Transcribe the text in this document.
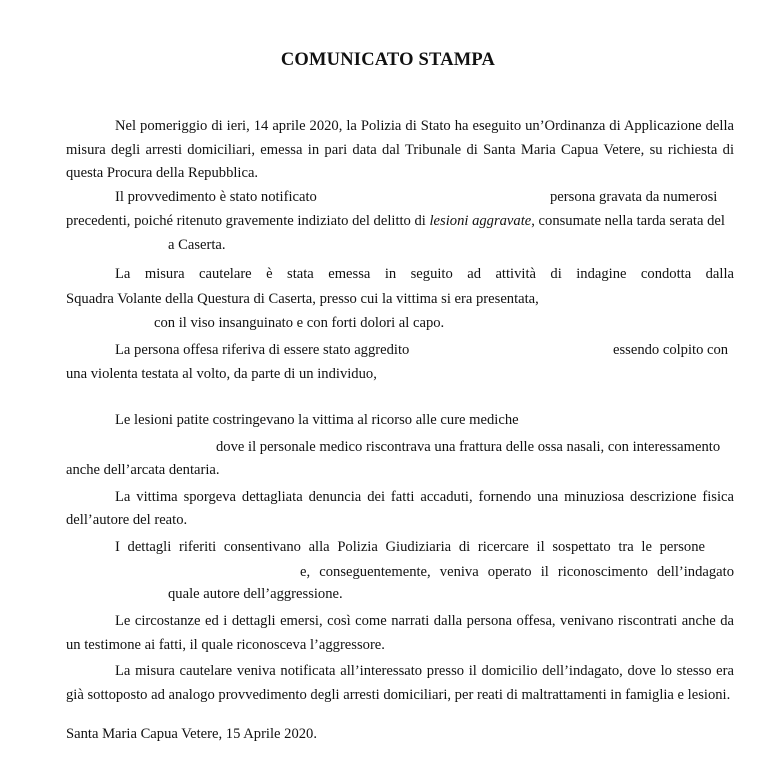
COMUNICATO STAMPA
Nel pomeriggio di ieri, 14 aprile 2020, la Polizia di Stato ha eseguito un’Ordinanza di Applicazione della
misura degli arresti domiciliari, emessa in pari data dal Tribunale di Santa Maria Capua Vetere, su richiesta di
questa Procura della Repubblica.
Il provvedimento è stato notificato	persona gravata da numerosi
precedenti, poiché ritenuto gravemente indiziato del delitto di lesioni aggravate, consumate nella tarda serata del
a Caserta.
La misura cautelare è stata emessa in seguito ad attività di indagine condotta dalla
Squadra Volante della Questura di Caserta, presso cui la vittima si era presentata,
con il viso insanguinato e con forti dolori al capo.
La persona offesa riferiva di essere stato aggredito	essendo colpito con
una violenta testata al volto, da parte di un individuo,
Le lesioni patite costringevano la vittima al ricorso alle cure mediche
dove il personale medico riscontrava una frattura delle ossa nasali, con interessamento
anche dell’arcata dentaria.
La vittima sporgeva dettagliata denuncia dei fatti accaduti, fornendo una minuziosa descrizione fisica
dell’autore del reato.
I dettagli riferiti consentivano alla Polizia Giudiziaria di ricercare il sospettato tra le persone
e, conseguentemente, veniva operato il riconoscimento dell’indagato
quale autore dell’aggressione.
Le circostanze ed i dettagli emersi, così come narrati dalla persona offesa, venivano riscontrati anche da
un testimone ai fatti, il quale riconosceva l’aggressore.
La misura cautelare veniva notificata all’interessato presso il domicilio dell’indagato, dove lo stesso era
già sottoposto ad analogo provvedimento degli arresti domiciliari, per reati di maltrattamenti in famiglia e lesioni.
Santa Maria Capua Vetere, 15 Aprile 2020.
